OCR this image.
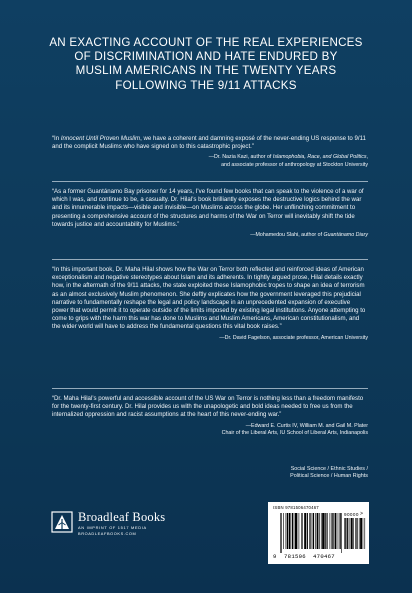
AN EXACTING ACCOUNT OF THE REAL EXPERIENCES
OF DISCRIMINATION AND HATE ENDURED BY
MUSLIM AMERICANS IN THE TWENTY YEARS
FOLLOWING THE 9/11 ATTACKS
“In Innocent Until Proven Muslim, we have a coherent and damning exposé of the never-ending US response to 9/11 and the complicit Muslims who have signed on to this catastrophic project.”
—Dr. Nazia Kazi, author of Islamophobia, Race, and Global Politics,
and associate professor of anthropology at Stockton University
“As a former Guantánamo Bay prisoner for 14 years, I’ve found few books that can speak to the violence of a war of which I was, and continue to be, a casualty. Dr. Hilal’s book brilliantly exposes the destructive logics behind the war and its innumerable impacts—visible and invisible—on Muslims across the globe. Her unflinching commitment to presenting a comprehensive account of the structures and harms of the War on Terror will inevitably shift the tide towards justice and accountability for Muslims.”
—Mohamedou Slahi, author of Guantánamo Diary
“In this important book, Dr. Maha Hilal shows how the War on Terror both reflected and reinforced ideas of American exceptionalism and negative stereotypes about Islam and its adherents. In tightly argued prose, Hilal details exactly how, in the aftermath of the 9/11 attacks, the state exploited these Islamophobic tropes to shape an idea of terrorism as an almost exclusively Muslim phenomenon. She deftly explicates how the government leveraged this prejudicial narrative to fundamentally reshape the legal and policy landscape in an unprecedented expansion of executive power that would permit it to operate outside of the limits imposed by existing legal institutions. Anyone attempting to come to grips with the harm this war has done to Muslims and Muslim Americans, American constitutionalism, and the wider world will have to address the fundamental questions this vital book raises.”
—Dr. David Fagelson, associate professor, American University
“Dr. Maha Hilal’s powerful and accessible account of the US War on Terror is nothing less than a freedom manifesto for the twenty-first century. Dr. Hilal provides us with the unapologetic and bold ideas needed to free us from the internalized oppression and racist assumptions at the heart of this never-ending war.”
—Edward E. Curtis IV, William M. and Gail M. Plater
Chair of the Liberal Arts, IU School of Liberal Arts, Indianapolis
Social Science / Ethnic Studies /
Political Science / Human Rights
Broadleaf Books
AN IMPRINT OF 1517 MEDIA
BROADLEAFBOOKS.COM
ISBN 9781506470467
90000
9 781506 470467
>
